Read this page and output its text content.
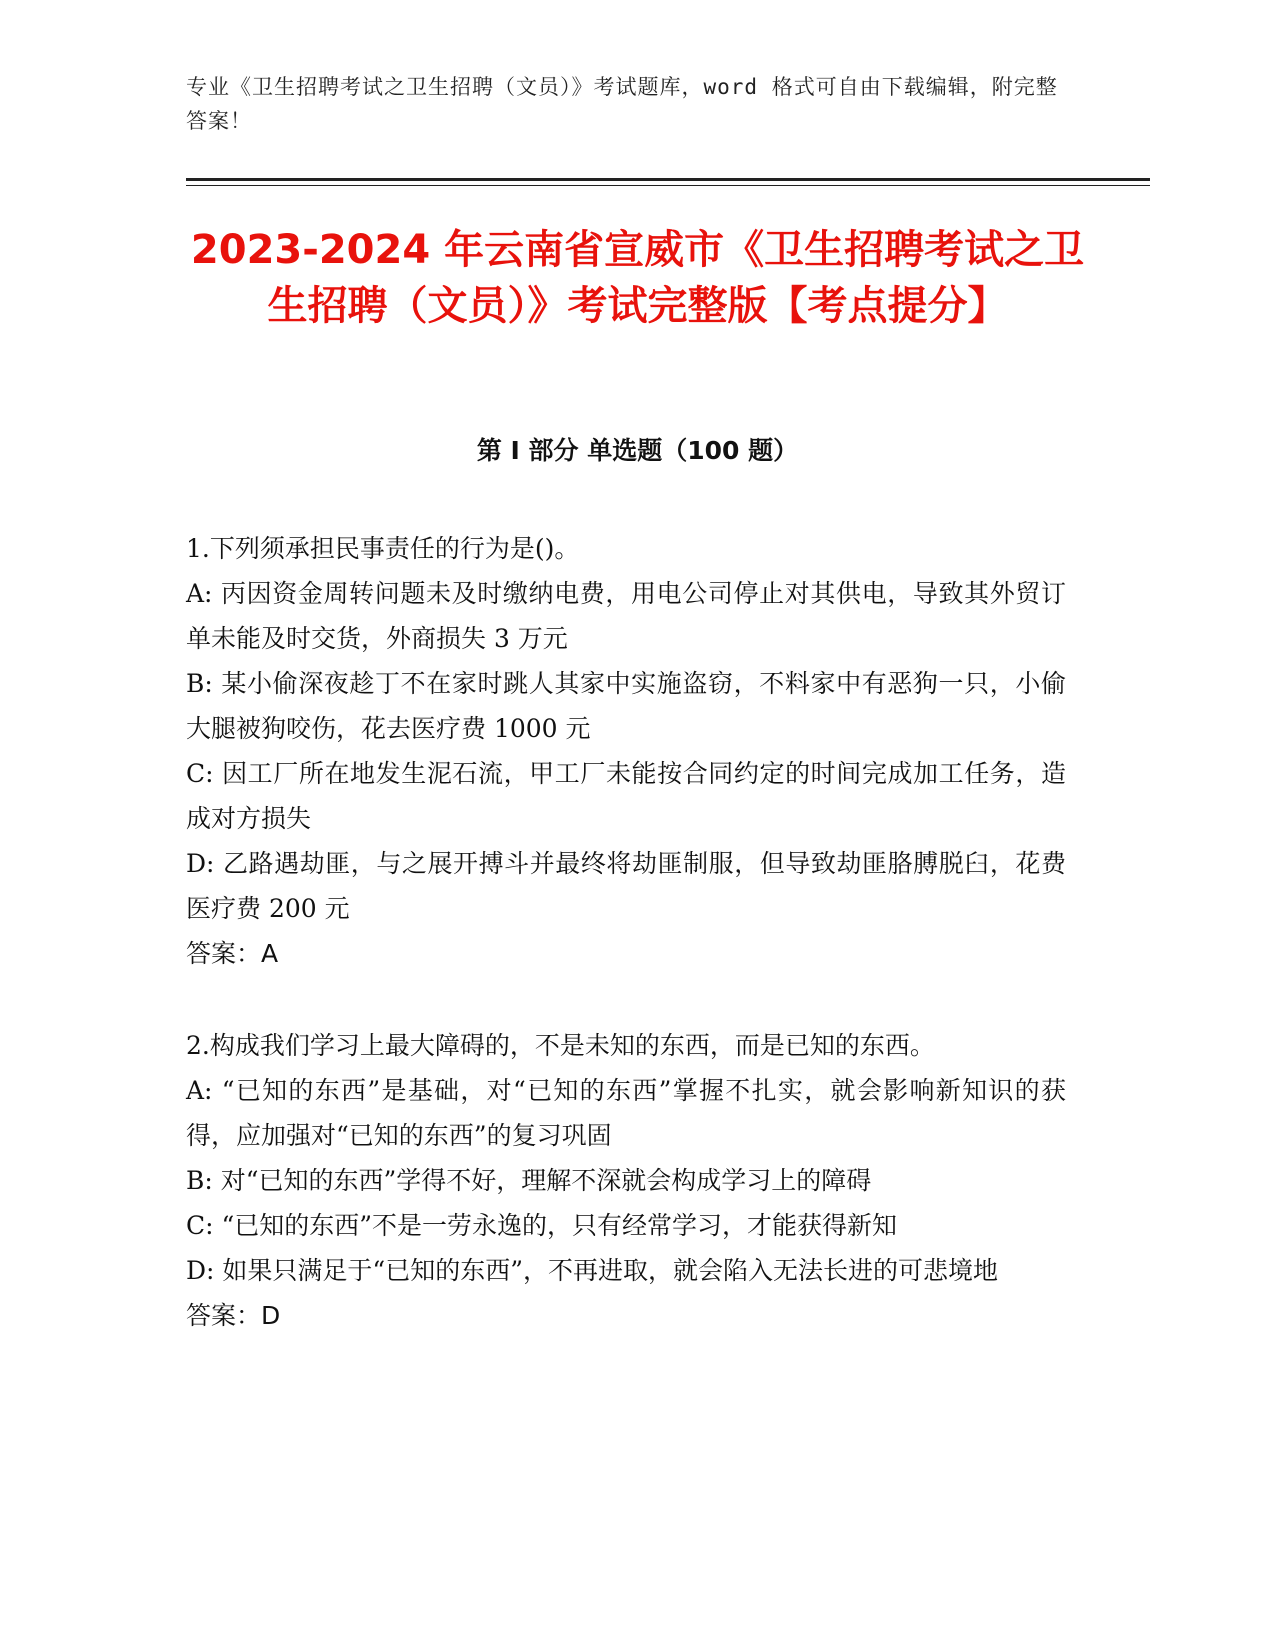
专业《卫生招聘考试之卫生招聘（文员）》考试题库，word 格式可自由下载编辑，附完整答案！
2023-2024 年云南省宣威市《卫生招聘考试之卫生招聘（文员）》考试完整版【考点提分】
第 I 部分 单选题（100 题）

1.下列须承担民事责任的行为是()。

A: 丙因资金周转问题未及时缴纳电费，用电公司停止对其供电，导致其外贸订单未能及时交货，外商损失 3 万元

B: 某小偷深夜趁丁不在家时跳人其家中实施盗窃，不料家中有恶狗一只，小偷大腿被狗咬伤，花去医疗费 1000 元

C: 因工厂所在地发生泥石流，甲工厂未能按合同约定的时间完成加工任务，造成对方损失

D: 乙路遇劫匪，与之展开搏斗并最终将劫匪制服，但导致劫匪胳膊脱臼，花费医疗费 200 元

答案：A

2.构成我们学习上最大障碍的，不是未知的东西，而是已知的东西。

A: “已知的东西”是基础，对“已知的东西”掌握不扎实，就会影响新知识的获得，应加强对“已知的东西”的复习巩固

B: 对“已知的东西”学得不好，理解不深就会构成学习上的障碍

C: “已知的东西”不是一劳永逸的，只有经常学习，才能获得新知

D: 如果只满足于“已知的东西”，不再进取，就会陷入无法长进的可悲境地

答案：D
